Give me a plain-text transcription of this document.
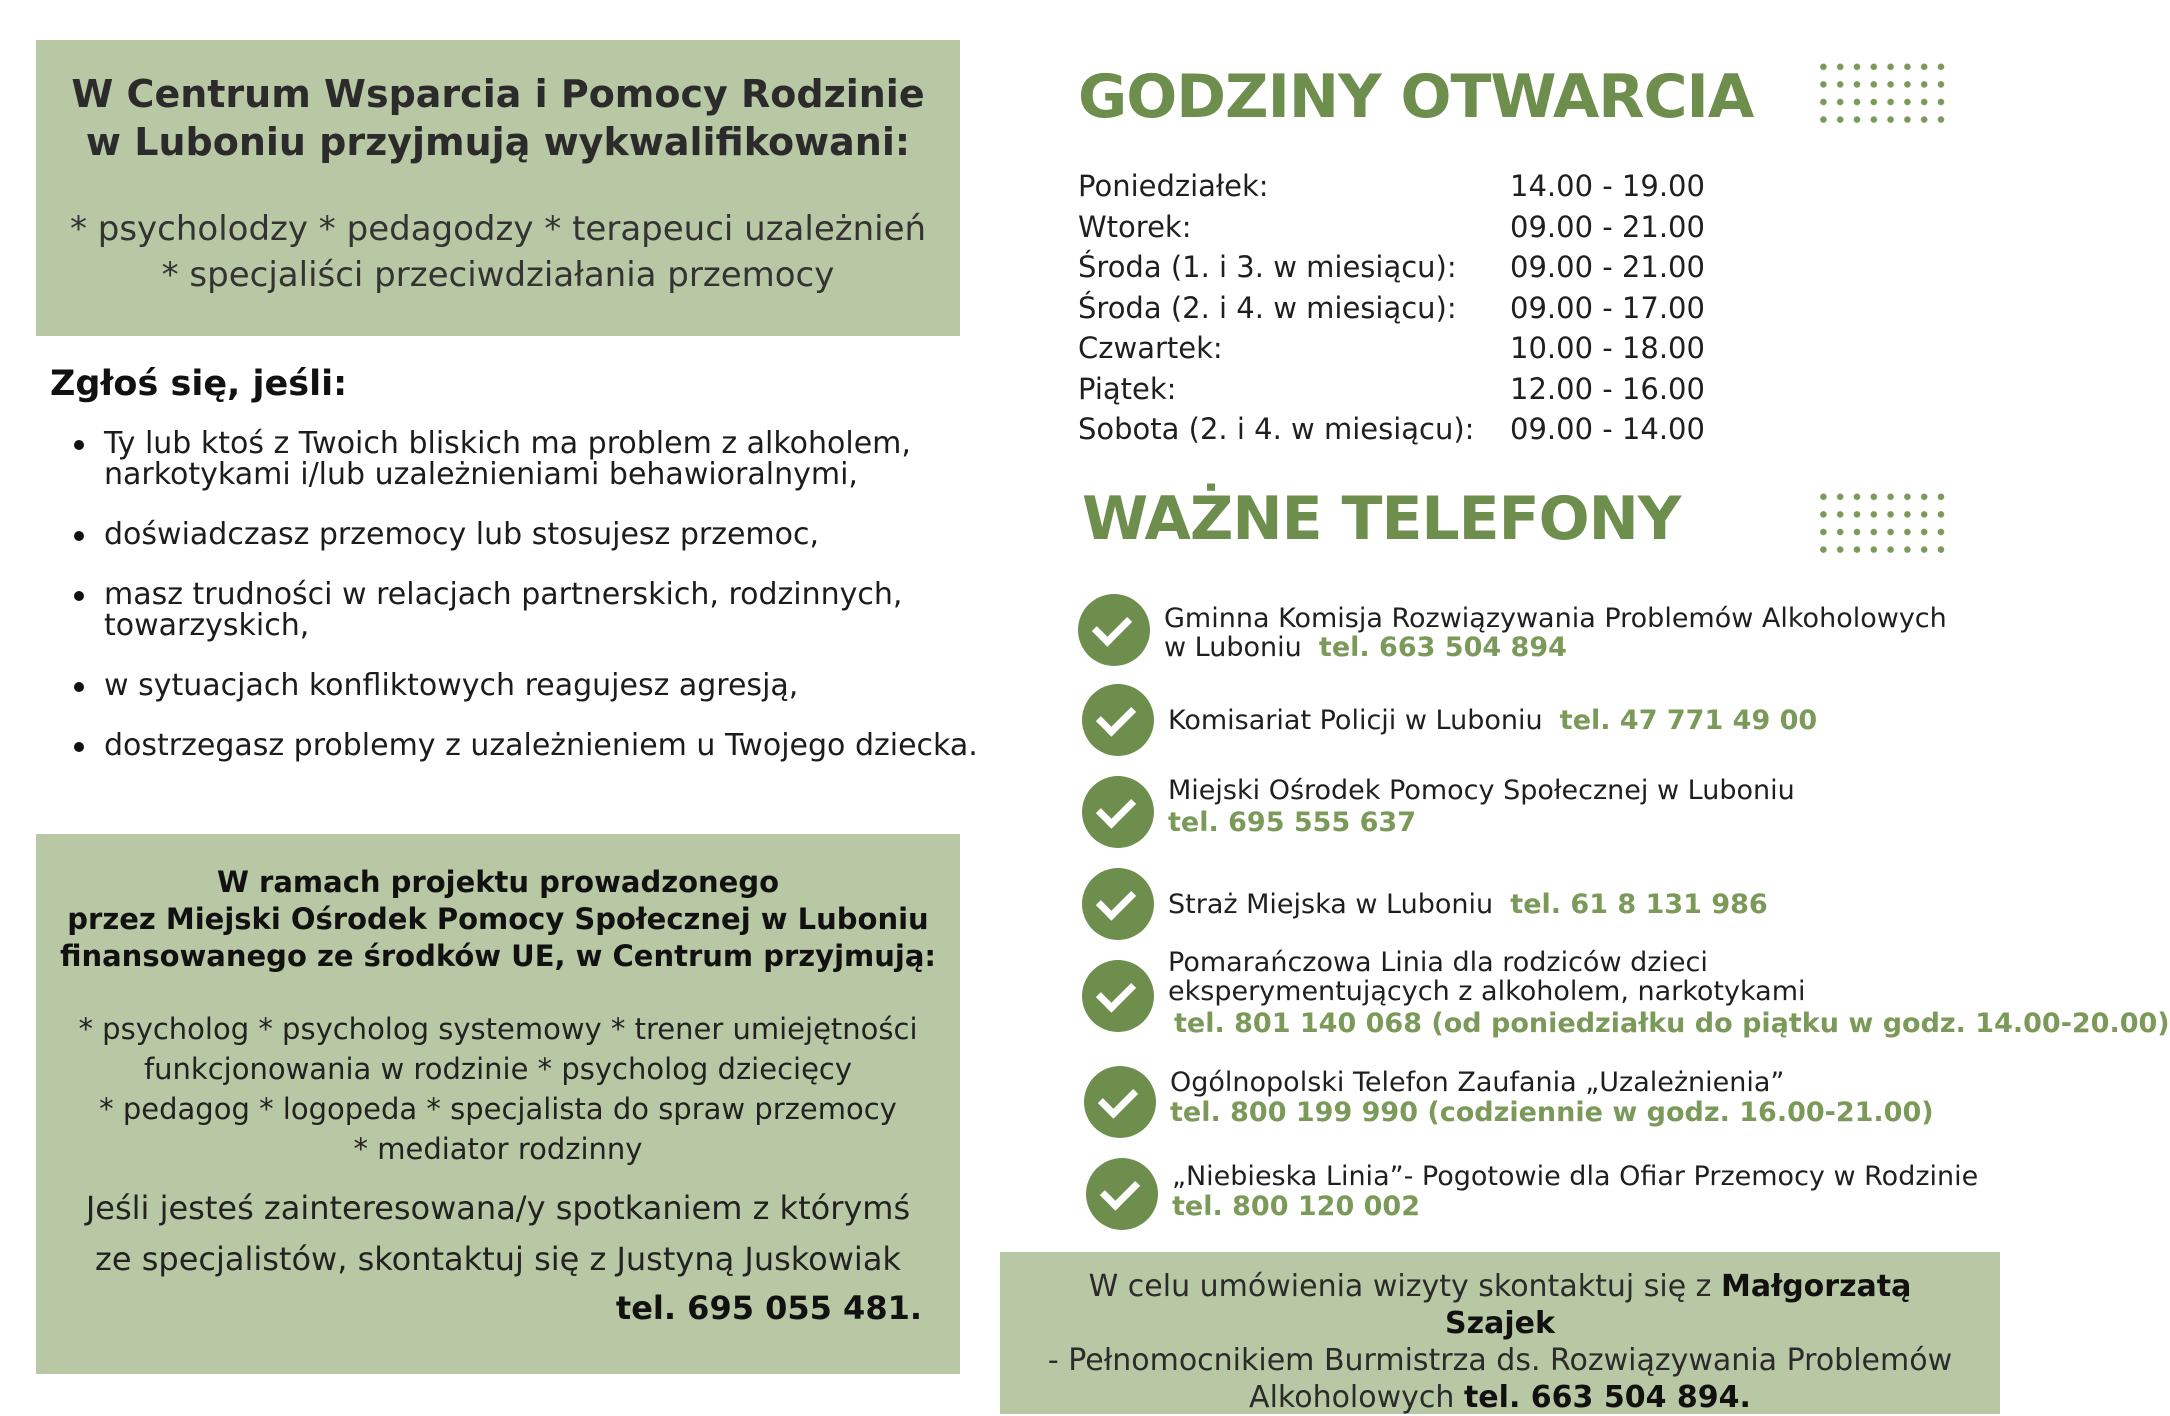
W Centrum Wsparcia i Pomocy Rodzinie
w Luboniu przyjmują wykwalifikowani:
* psycholodzy * pedagodzy * terapeuci uzależnień
* specjaliści przeciwdziałania przemocy
Zgłoś się, jeśli:
Ty lub ktoś z Twoich bliskich ma problem z alkoholem, narkotykami i/lub uzależnieniami behawioralnymi,
doświadczasz przemocy lub stosujesz przemoc,
masz trudności w relacjach partnerskich, rodzinnych, towarzyskich,
w sytuacjach konfliktowych reagujesz agresją,
dostrzegasz problemy z uzależnieniem u Twojego dziecka.
W ramach projektu prowadzonego
przez Miejski Ośrodek Pomocy Społecznej w Luboniu
finansowanego ze środków UE, w Centrum przyjmują:
* psycholog * psycholog systemowy * trener umiejętności
funkcjonowania w rodzinie * psycholog dziecięcy
* pedagog * logopeda * specjalista do spraw przemocy
* mediator rodzinny
Jeśli jesteś zainteresowana/y spotkaniem z którymś
ze specjalistów, skontaktuj się z Justyną Juskowiak
tel. 695 055 481.
GODZINY OTWARCIA
Poniedziałek:	14.00 - 19.00
Wtorek:	09.00 - 21.00
Środa (1. i 3. w miesiącu): 09.00 - 21.00
Środa (2. i 4. w miesiącu): 09.00 - 17.00
Czwartek:	10.00 - 18.00
Piątek:	12.00 - 16.00
Sobota (2. i 4. w miesiącu): 09.00 - 14.00
WAŻNE TELEFONY
Gminna Komisja Rozwiązywania Problemów Alkoholowych
w Luboniu tel. 663 504 894
Komisariat Policji w Luboniu tel. 47 771 49 00
Miejski Ośrodek Pomocy Społecznej w Luboniu
tel. 695 555 637
Straż Miejska w Luboniu tel. 61 8 131 986
Pomarańczowa Linia dla rodziców dzieci
eksperymentujących z alkoholem, narkotykami
tel. 801 140 068 (od poniedziałku do piątku w godz. 14.00-20.00)
Ogólnopolski Telefon Zaufania „Uzależnienia”
tel. 800 199 990 (codziennie w godz. 16.00-21.00)
„Niebieska Linia”- Pogotowie dla Ofiar Przemocy w Rodzinie
tel. 800 120 002
W celu umówienia wizyty skontaktuj się z Małgorzatą Szajek
- Pełnomocnikiem Burmistrza ds. Rozwiązywania Problemów
Alkoholowych tel. 663 504 894.
